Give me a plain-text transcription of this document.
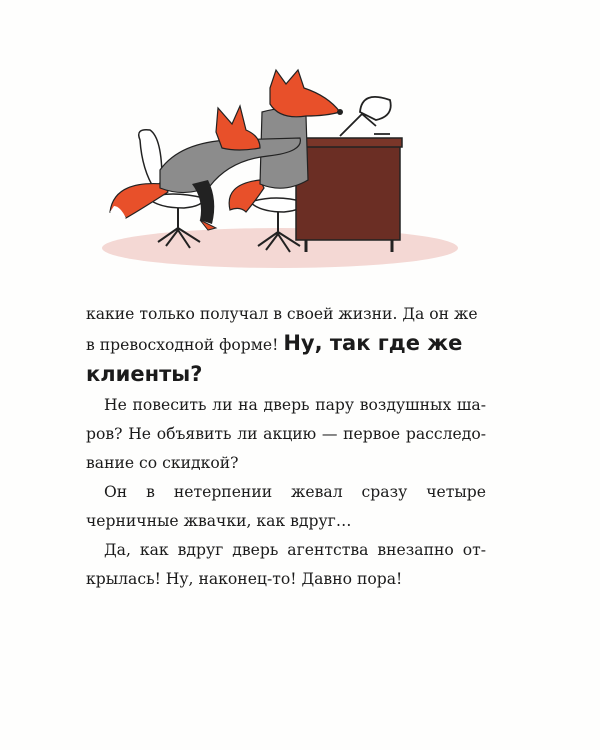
какие только получал в своей жизни. Да он же
в превосходной форме! Ну, так где же
клиенты?

Не повесить ли на дверь пару воздушных шаров? Не объявить ли акцию — первое расследование со скидкой?

Он в нетерпении жевал сразу четыре черничные жвачки, как вдруг…

Да, как вдруг дверь агентства внезапно открылась! Ну, наконец-то! Давно пора!
